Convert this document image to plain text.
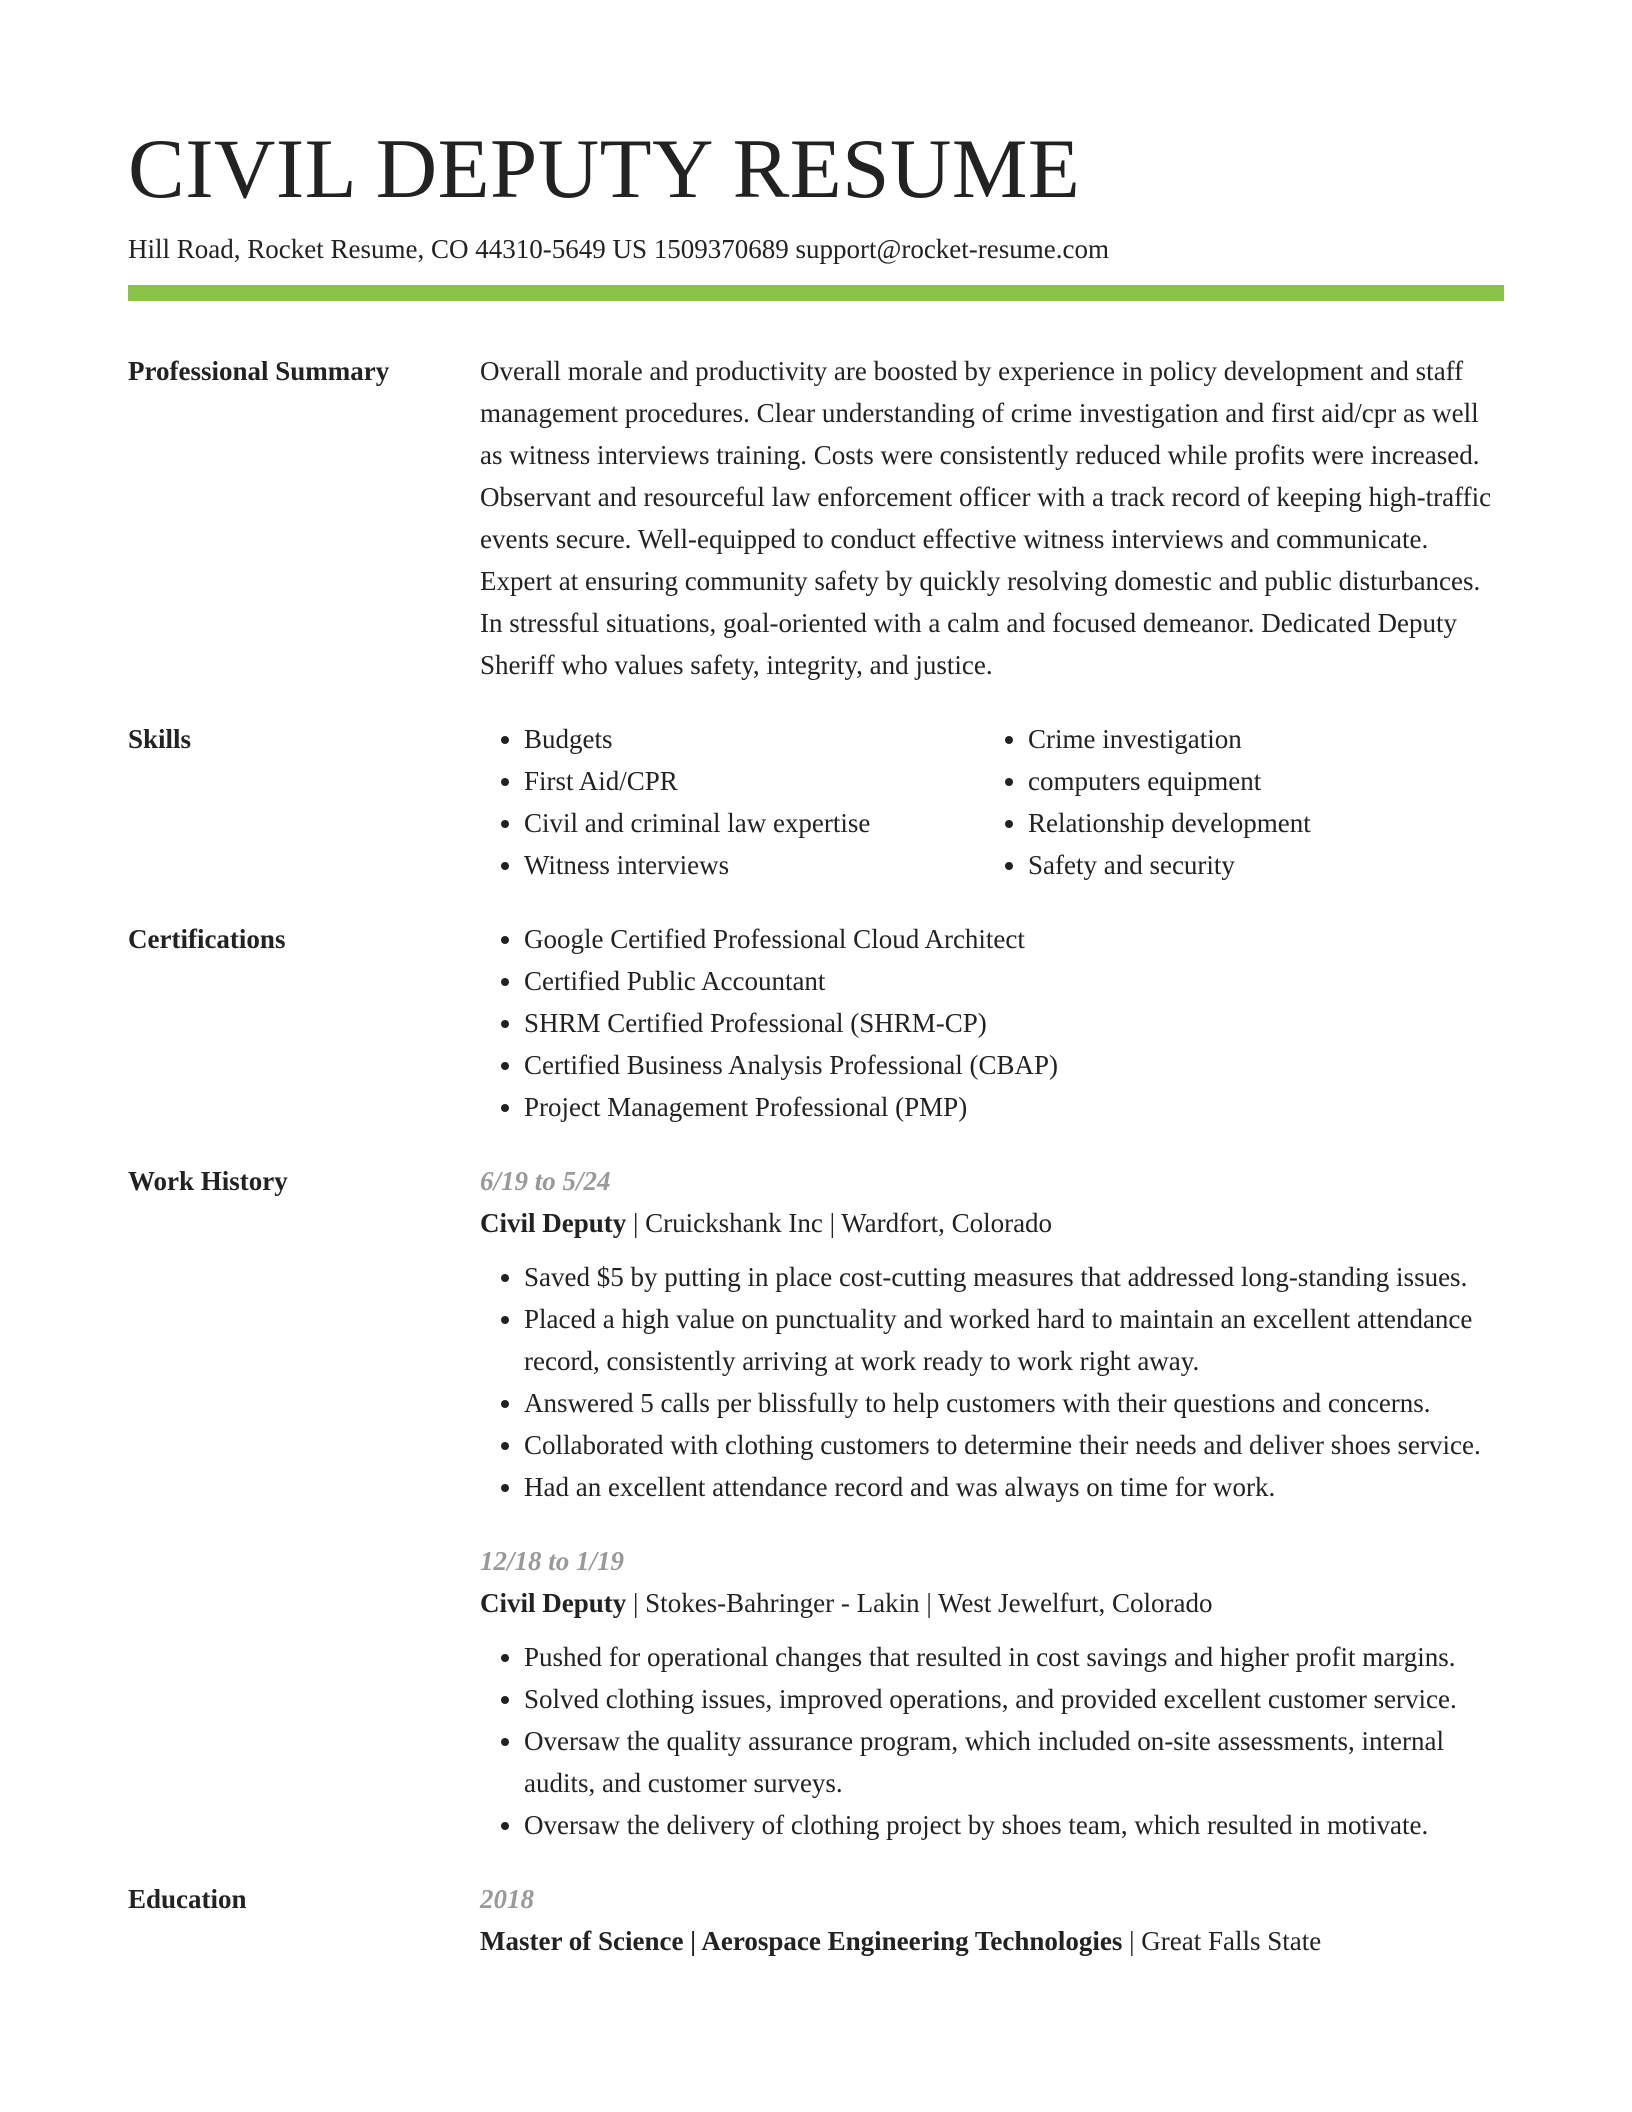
CIVIL DEPUTY RESUME
Hill Road, Rocket Resume, CO 44310-5649 US 1509370689 support@rocket-resume.com
Professional Summary	Overall morale and productivity are boosted by experience in policy development and staff management procedures. Clear understanding of crime investigation and first aid/cpr as well as witness interviews training. Costs were consistently reduced while profits were increased. Observant and resourceful law enforcement officer with a track record of keeping high-traffic events secure. Well-equipped to conduct effective witness interviews and communicate. Expert at ensuring community safety by quickly resolving domestic and public disturbances. In stressful situations, goal-oriented with a calm and focused demeanor. Dedicated Deputy Sheriff who values safety, integrity, and justice.

Skills	• Budgets
• First Aid/CPR
• Civil and criminal law expertise
• Witness interviews
• Crime investigation
• computers equipment
• Relationship development
• Safety and security
Certifications	• Google Certified Professional Cloud Architect
• Certified Public Accountant
• SHRM Certified Professional (SHRM-CP)
• Certified Business Analysis Professional (CBAP)
• Project Management Professional (PMP)
Work History	6/19 to 5/24
Civil Deputy | Cruickshank Inc | Wardfort, Colorado
• Saved $5 by putting in place cost-cutting measures that addressed long-standing issues.
• Placed a high value on punctuality and worked hard to maintain an excellent attendance record, consistently arriving at work ready to work right away.
• Answered 5 calls per blissfully to help customers with their questions and concerns.
• Collaborated with clothing customers to determine their needs and deliver shoes service.
• Had an excellent attendance record and was always on time for work.
12/18 to 1/19
Civil Deputy | Stokes-Bahringer - Lakin | West Jewelfurt, Colorado
• Pushed for operational changes that resulted in cost savings and higher profit margins.
• Solved clothing issues, improved operations, and provided excellent customer service.
• Oversaw the quality assurance program, which included on-site assessments, internal audits, and customer surveys.
• Oversaw the delivery of clothing project by shoes team, which resulted in motivate.
Education	2018
Master of Science | Aerospace Engineering Technologies | Great Falls State
